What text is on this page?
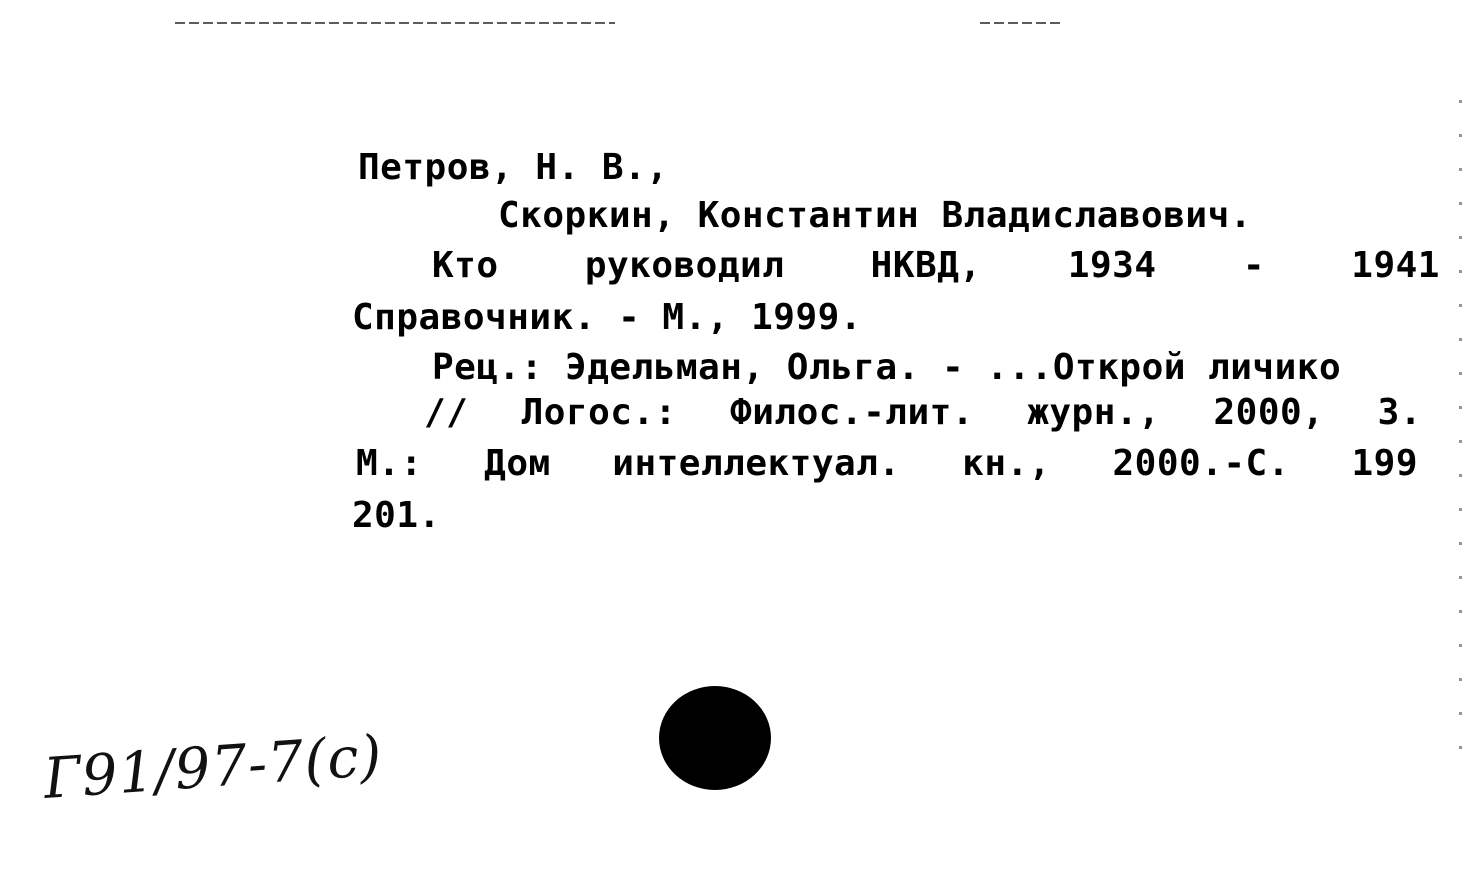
Петров, Н. В.,
Скоркин, Константин Владиславович.
Кто руководил НКВД, 1934 - 1941
Справочник. - М., 1999.
Рец.: Эдельман, Ольга. - ...Открой личико
// Логос.: Филос.-лит. журн., 2000, 3.
М.: Дом интеллектуал. кн., 2000.-С. 199
201.
Г91/97-7(c)
